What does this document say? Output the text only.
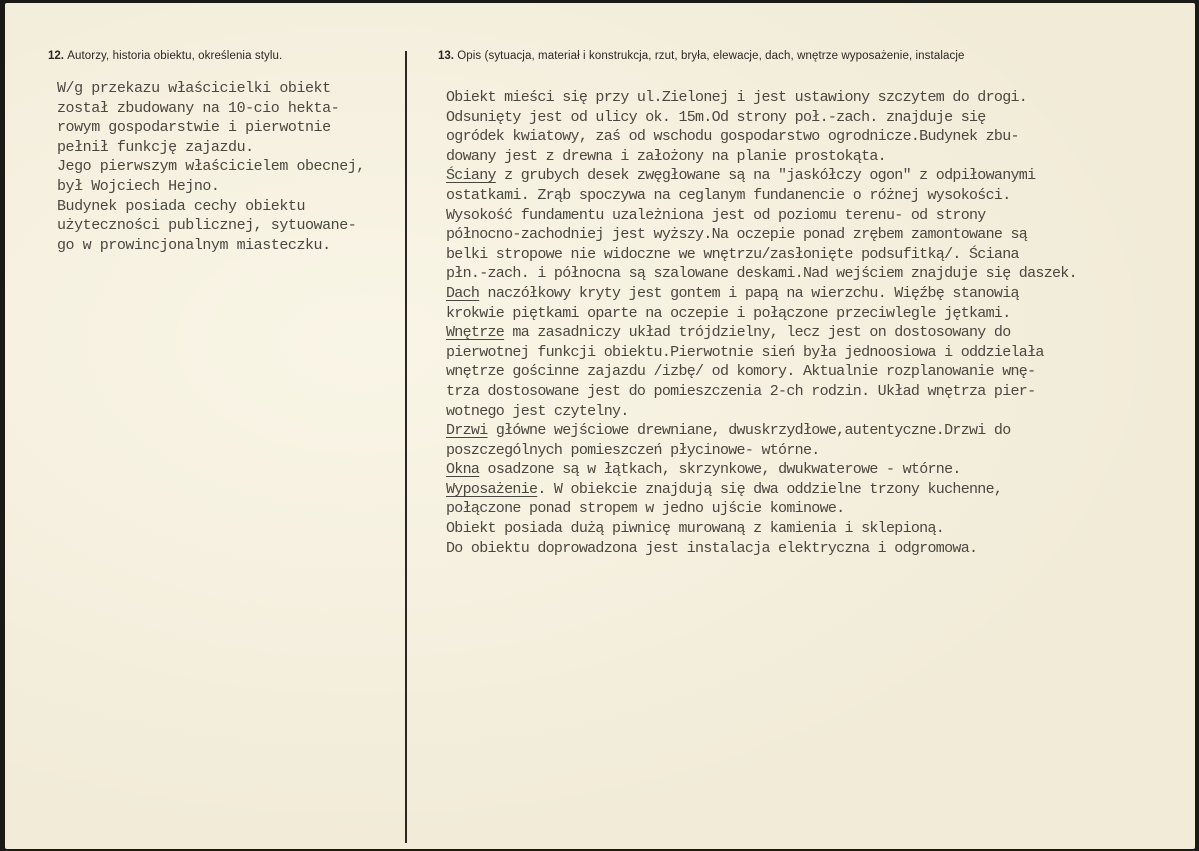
12. Autorzy, historia obiektu, określenia stylu.	13. Opis (sytuacja, materiał i konstrukcja, rzut, bryła, elewacje, dach, wnętrze wyposażenie, instalacje

W/g przekazu właścicielki obiekt
został zbudowany na 10-cio hekta-
rowym gospodarstwie i pierwotnie
pełnił funkcję zajazdu.
Jego pierwszym właścicielem obecnej,
był Wojciech Hejno.
Budynek posiada cechy obiektu
użyteczności publicznej, sytuowane-
go w prowincjonalnym miasteczku.
Obiekt mieści się przy ul.Zielonej i jest ustawiony szczytem do drogi.
Odsunięty jest od ulicy ok. 15m.Od strony poł.-zach. znajduje się
ogródek kwiatowy, zaś od wschodu gospodarstwo ogrodnicze.Budynek zbu-
dowany jest z drewna i założony na planie prostokąta.
Ściany z grubych desek zwęgłowane są na "jaskółczy ogon" z odpiłowanymi
ostatkami. Zrąb spoczywa na ceglanym fundanencie o różnej wysokości.
Wysokość fundamentu uzależniona jest od poziomu terenu- od strony
północno-zachodniej jest wyższy.Na oczepie ponad zrębem zamontowane są
belki stropowe nie widoczne we wnętrzu/zasłonięte podsufitką/. Ściana
płn.-zach. i północna są szalowane deskami.Nad wejściem znajduje się daszek.
Dach naczółkowy kryty jest gontem i papą na wierzchu. Więźbę stanowią
krokwie piętkami oparte na oczepie i połączone przeciwlegle jętkami.
Wnętrze ma zasadniczy układ trójdzielny, lecz jest on dostosowany do
pierwotnej funkcji obiektu.Pierwotnie sień była jednoosiowa i oddzielała
wnętrze gościnne zajazdu /izbę/ od komory. Aktualnie rozplanowanie wnę-
trza dostosowane jest do pomieszczenia 2-ch rodzin. Układ wnętrza pier-
wotnego jest czytelny.
Drzwi główne wejściowe drewniane, dwuskrzydłowe,autentyczne.Drzwi do
poszczególnych pomieszczeń płycinowe- wtórne.
Okna osadzone są w łątkach, skrzynkowe, dwukwaterowe - wtórne.
Wyposażenie. W obiekcie znajdują się dwa oddzielne trzony kuchenne,
połączone ponad stropem w jedno ujście kominowe.
Obiekt posiada dużą piwnicę murowaną z kamienia i sklepioną.
Do obiektu doprowadzona jest instalacja elektryczna i odgromowa.
